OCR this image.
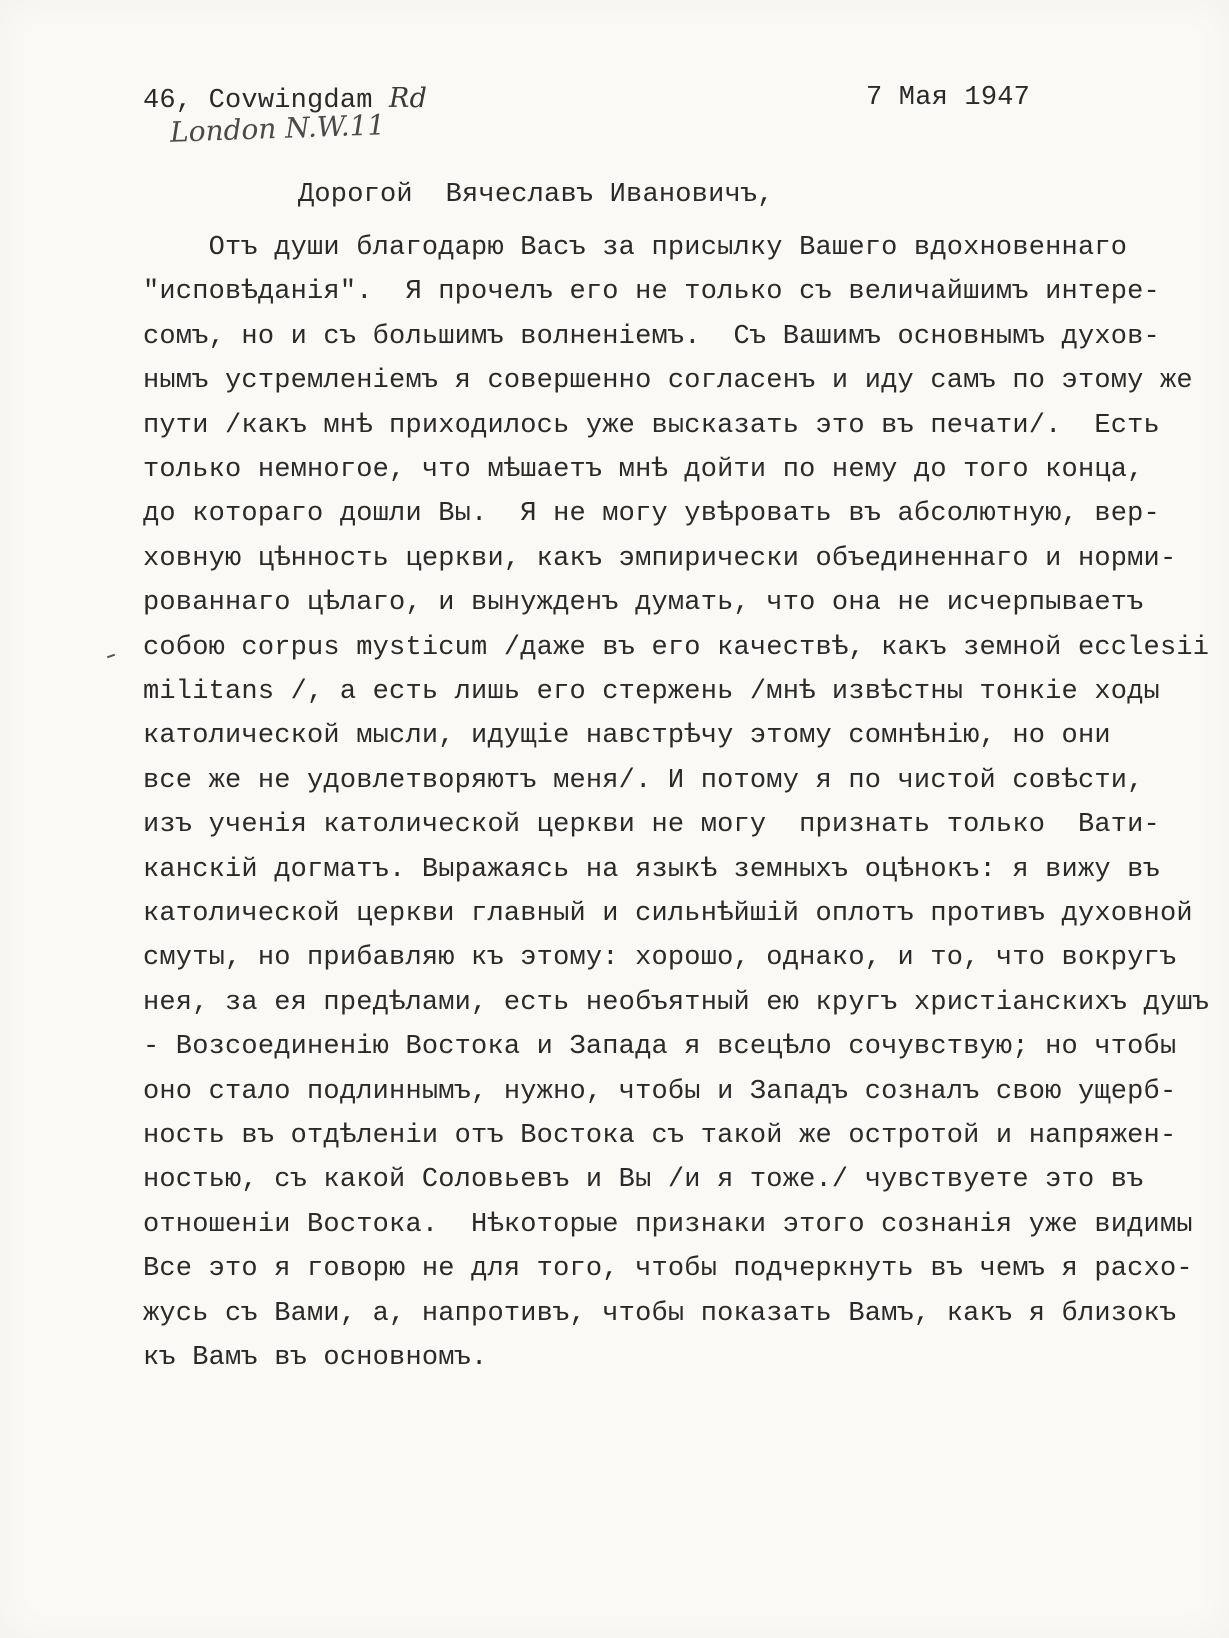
46, Covwingdam Rd
London N.W.11
7 Мая 1947
Дорогой  Вячеславъ Ивановичъ,
Отъ души благодарю Васъ за присылку Вашего вдохновеннаго
"исповѣданія".  Я прочелъ его не только съ величайшимъ интере-
сомъ, но и съ большимъ волненіемъ.  Съ Вашимъ основнымъ духов-
нымъ устремленіемъ я совершенно согласенъ и иду самъ по этому же
пути /какъ мнѣ приходилось уже высказать это въ печати/.  Есть
только немногое, что мѣшаетъ мнѣ дойти по нему до того конца,
до котораго дошли Вы.  Я не могу увѣровать въ абсолютную, вер-
ховную цѣнность церкви, какъ эмпирически объединеннаго и норми-
рованнаго цѣлаго, и вынужденъ думать, что она не исчерпываетъ
собою corpus mysticum /даже въ его качествѣ, какъ земной ecclesiі
militans /, а есть лишь его стержень /мнѣ извѣстны тонкіе ходы
католической мысли, идущіе навстрѣчу этому сомнѣнію, но они
все же не удовлетворяютъ меня/. И потому я по чистой совѣсти,
изъ ученія католической церкви не могу  признать только  Вати-
канскій догматъ. Выражаясь на языкѣ земныхъ оцѣнокъ: я вижу въ
католической церкви главный и сильнѣйшій оплотъ противъ духовной
смуты, но прибавляю къ этому: хорошо, однако, и то, что вокругъ
нея, за ея предѣлами, есть необъятный ею кругъ христіанскихъ душъ
- Возсоединенію Востока и Запада я всецѣло сочувствую; но чтобы
оно стало подлиннымъ, нужно, чтобы и Западъ созналъ свою ущерб-
ность въ отдѣленіи отъ Востока съ такой же остротой и напряжен-
ностью, съ какой Соловьевъ и Вы /и я тоже./ чувствуете это въ
отношеніи Востока.  Нѣкоторые признаки этого сознанія уже видимы
Все это я говорю не для того, чтобы подчеркнуть въ чемъ я расхо-
жусь съ Вами, а, напротивъ, чтобы показать Вамъ, какъ я близокъ
къ Вамъ въ основномъ.
